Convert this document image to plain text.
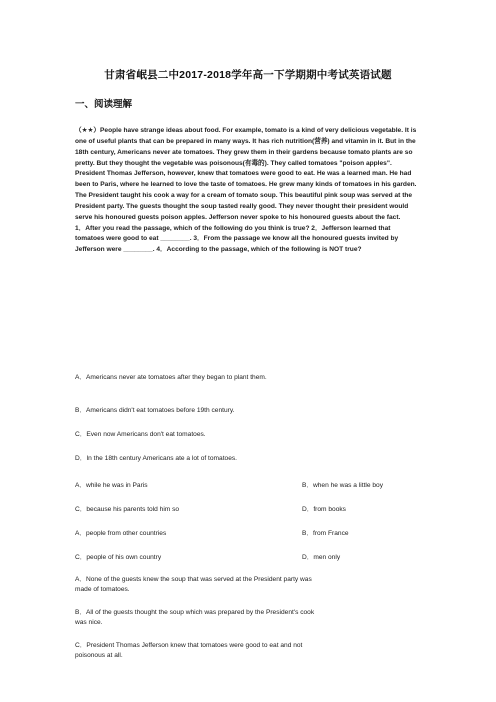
甘肃省岷县二中2017-2018学年高一下学期期中考试英语试题
一、阅读理解

（★★）People have strange ideas about food. For example, tomato is a kind of very delicious vegetable. It is one of useful plants that can be prepared in many ways. It has rich nutrition(营养) and vitamin in it. But in the 18th century, Americans never ate tomatoes. They grew them in their gardens because tomato plants are so pretty. But they thought the vegetable was poisonous(有毒的). They called tomatoes "poison apples".

President Thomas Jefferson, however, knew that tomatoes were good to eat. He was a learned man. He had been to Paris, where he learned to love the taste of tomatoes. He grew many kinds of tomatoes in his garden. The President taught his cook a way for a cream of tomato soup. This beautiful pink soup was served at the President party. The guests thought the soup tasted really good. They never thought their president would serve his honoured guests poison apples. Jefferson never spoke to his honoured guests about the fact.

1．After you read the passage, which of the following do you think is true? 2．Jefferson learned that tomatoes were good to eat ________. 3．From the passage we know all the honoured guests invited by Jefferson were ________. 4．According to the passage, which of the following is NOT true?

A．Americans never ate tomatoes after they began to plant them.
B．Americans didn't eat tomatoes before 19th century.
C．Even now Americans don't eat tomatoes.
D．In the 18th century Americans ate a lot of tomatoes.
A．while he was in Paris	B．when he was a little boy
C．because his parents told him so	D．from books
A．people from other countries	B．from France
C．people of his own country	D．men only
A．None of the guests knew the soup that was served at the President party was made of tomatoes.
B．All of the guests thought the soup which was prepared by the President's cook was nice.
C．President Thomas Jefferson knew that tomatoes were good to eat and not poisonous at all.
